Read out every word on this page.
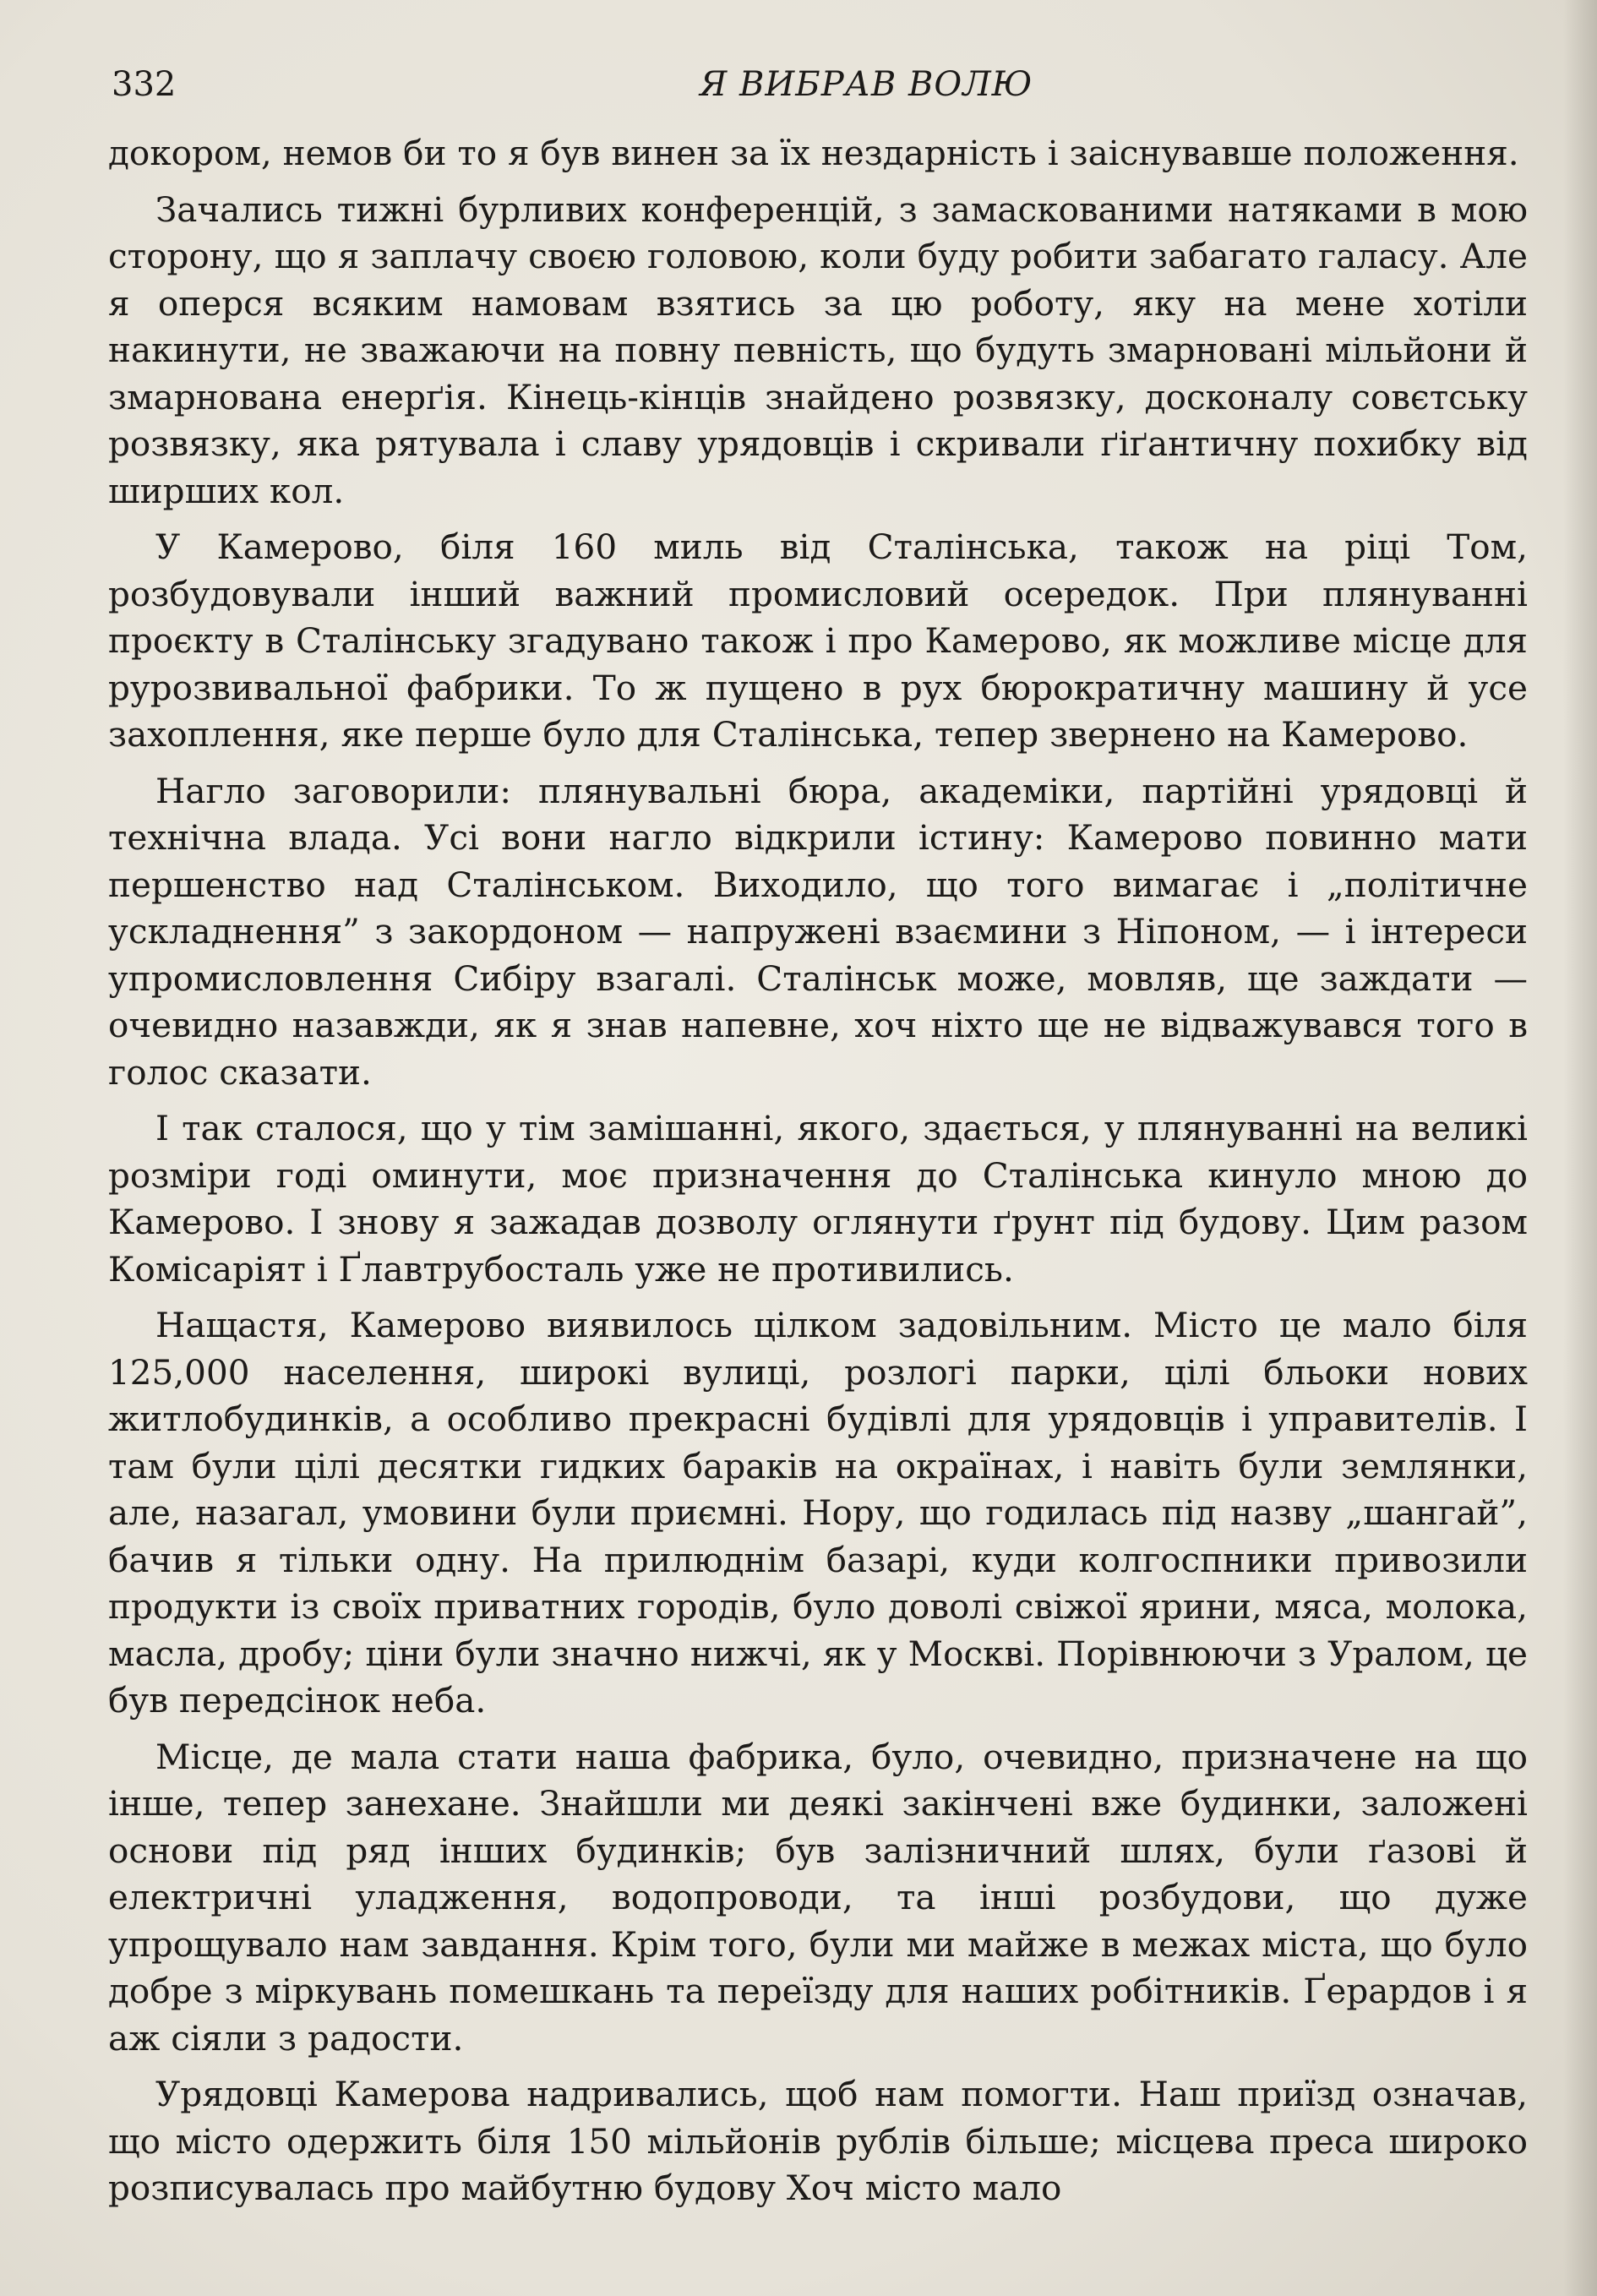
332	Я ВИБРАВ ВОЛЮ

докором, немов би то я був винен за їх нездарність і заіснувавше положення.

Зачались тижні бурливих конференцій, з замаскованими натяками в мою сторону, що я заплачу своєю головою, коли буду робити забагато галасу. Але я оперся всяким намовам взятись за цю роботу, яку на мене хотіли накинути, не зважаючи на повну певність, що будуть змарновані мільйони й змарнована енерґія. Кінець-кінців знайдено розвязку, досконалу совєтську розвязку, яка рятувала і славу урядовців і скривали ґіґантичну похибку від ширших кол.

У Камерово, біля 160 миль від Сталінська, також на ріці Том, розбудовували інший важний промисловий осередок. При плянуванні проєкту в Сталінську згадувано також і про Камерово, як можливе місце для рурозвивальної фабрики. То ж пущено в рух бюрократичну машину й усе захоплення, яке перше було для Сталінська, тепер звернено на Камерово.

Нагло заговорили: плянувальні бюра, академіки, партійні урядовці й технічна влада. Усі вони нагло відкрили істину: Камерово повинно мати першенство над Сталінськом. Виходило, що того вимагає і „політичне ускладнення” з закордоном — напружені взаємини з Ніпоном, — і інтереси упромисловлення Сибіру взагалі. Сталінськ може, мовляв, ще заждати — очевидно назавжди, як я знав напевне, хоч ніхто ще не відважувався того в голос сказати.

І так сталося, що у тім замішанні, якого, здається, у плянуванні на великі розміри годі оминути, моє призначення до Сталінська кинуло мною до Камерово. І знову я зажадав дозволу оглянути ґрунт під будову. Цим разом Комісаріят і Ґлавтрубосталь уже не противились.

Нащастя, Камерово виявилось цілком задовільним. Місто це мало біля 125,000 населення, широкі вулиці, розлогі парки, цілі бльоки нових житлобудинків, а особливо прекрасні будівлі для урядовців і управителів. І там були цілі десятки гидких бараків на окраїнах, і навіть були землянки, але, назагал, умовини були приємні. Нору, що годилась під назву „шангай”, бачив я тільки одну. На прилюднім базарі, куди колгоспники привозили продукти із своїх приватних городів, було доволі свіжої ярини, мяса, молока, масла, дробу; ціни були значно нижчі, як у Москві. Порівнюючи з Уралом, це був передсінок неба.

Місце, де мала стати наша фабрика, було, очевидно, призначене на що інше, тепер занехане. Знайшли ми деякі закінчені вже будинки, заложені основи під ряд інших будинків; був залізничний шлях, були ґазові й електричні уладження, водопроводи, та інші розбудови, що дуже упрощувало нам завдання. Крім того, були ми майже в межах міста, що було добре з міркувань помешкань та переїзду для наших робітників. Ґерардов і я аж сіяли з радости.

Урядовці Камерова надривались, щоб нам помогти. Наш приїзд означав, що місто одержить біля 150 мільйонів рублів більше; місцева преса широко розписувалась про майбутню будову Хоч місто мало
